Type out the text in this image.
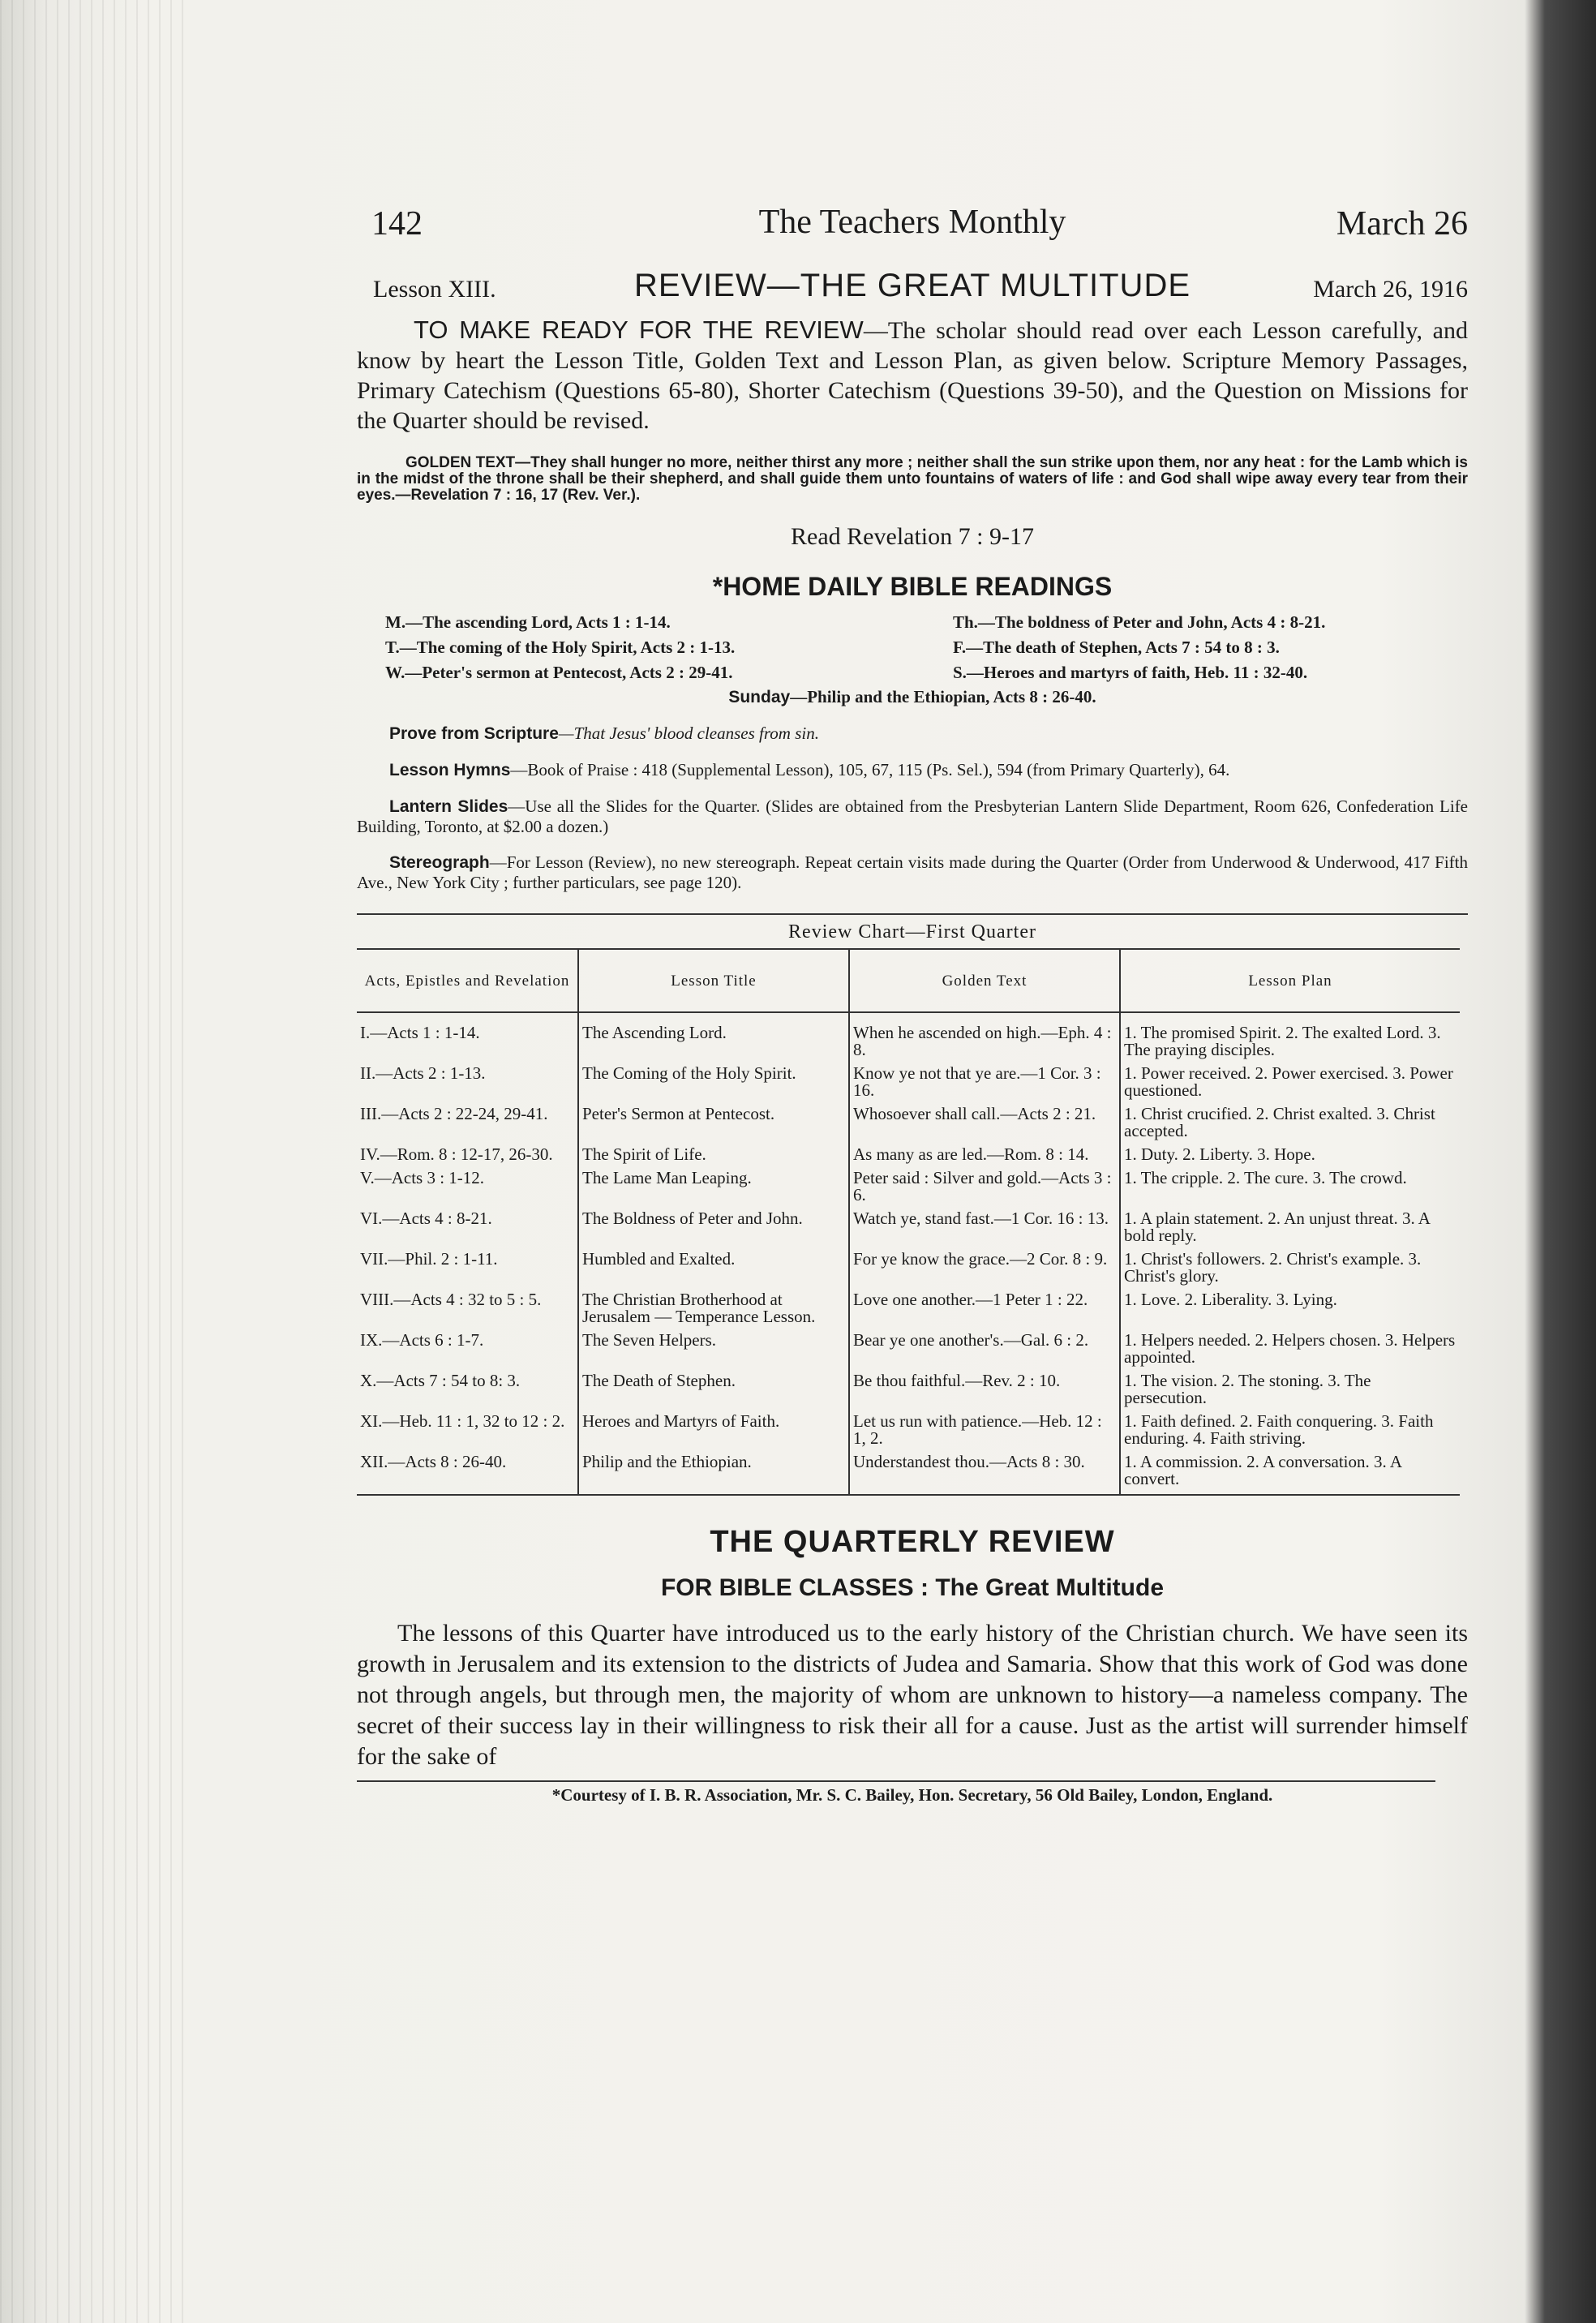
142	The Teachers Monthly	March 26
Lesson XIII.	REVIEW—THE GREAT MULTITUDE	March 26, 1916
TO MAKE READY FOR THE REVIEW—The scholar should read over each Lesson carefully, and know by heart the Lesson Title, Golden Text and Lesson Plan, as given below. Scripture Memory Passages, Primary Catechism (Questions 65-80), Shorter Catechism (Questions 39-50), and the Question on Missions for the Quarter should be revised.
GOLDEN TEXT—They shall hunger no more, neither thirst any more ; neither shall the sun strike upon them, nor any heat : for the Lamb which is in the midst of the throne shall be their shepherd, and shall guide them unto fountains of waters of life : and God shall wipe away every tear from their eyes.—Revelation 7 : 16, 17 (Rev. Ver.).
Read Revelation 7 : 9-17
*HOME DAILY BIBLE READINGS
M.—The ascending Lord, Acts 1 : 1-14.	Th.—The boldness of Peter and John, Acts 4 : 8-21.
T.—The coming of the Holy Spirit, Acts 2 : 1-13.	F.—The death of Stephen, Acts 7 : 54 to 8 : 3.
W.—Peter's sermon at Pentecost, Acts 2 : 29-41.	S.—Heroes and martyrs of faith, Heb. 11 : 32-40.
Sunday—Philip and the Ethiopian, Acts 8 : 26-40.
Prove from Scripture—That Jesus' blood cleanses from sin.
Lesson Hymns—Book of Praise : 418 (Supplemental Lesson), 105, 67, 115 (Ps. Sel.), 594 (from Primary Quarterly), 64.
Lantern Slides—Use all the Slides for the Quarter. (Slides are obtained from the Presbyterian Lantern Slide Department, Room 626, Confederation Life Building, Toronto, at $2.00 a dozen.)
Stereograph—For Lesson (Review), no new stereograph. Repeat certain visits made during the Quarter (Order from Underwood & Underwood, 417 Fifth Ave., New York City ; further particulars, see page 120).
Review Chart—First Quarter
Acts, Epistles and Revelation	Lesson Title	Golden Text	Lesson Plan
I.—Acts 1 : 1-14.	The Ascending Lord.	When he ascended on high.—Eph. 4 : 8.	1. The promised Spirit. 2. The exalted Lord. 3. The praying disciples.
II.—Acts 2 : 1-13.	The Coming of the Holy Spirit.	Know ye not that ye are.—1 Cor. 3 : 16.	1. Power received. 2. Power exercised. 3. Power questioned.
III.—Acts 2 : 22-24, 29-41.	Peter's Sermon at Pentecost.	Whosoever shall call.—Acts 2 : 21.	1. Christ crucified. 2. Christ exalted. 3. Christ accepted.
IV.—Rom. 8 : 12-17, 26-30.	The Spirit of Life.	As many as are led.—Rom. 8 : 14.	1. Duty. 2. Liberty. 3. Hope.
V.—Acts 3 : 1-12.	The Lame Man Leaping.	Peter said : Silver and gold.—Acts 3 : 6.	1. The cripple. 2. The cure. 3. The crowd.
VI.—Acts 4 : 8-21.	The Boldness of Peter and John.	Watch ye, stand fast.—1 Cor. 16 : 13.	1. A plain statement. 2. An unjust threat. 3. A bold reply.
VII.—Phil. 2 : 1-11.	Humbled and Exalted.	For ye know the grace.—2 Cor. 8 : 9.	1. Christ's followers. 2. Christ's example. 3. Christ's glory.
VIII.—Acts 4 : 32 to 5 : 5.	The Christian Brotherhood at Jerusalem — Temperance Lesson.	Love one another.—1 Peter 1 : 22.	1. Love. 2. Liberality. 3. Lying.
IX.—Acts 6 : 1-7.	The Seven Helpers.	Bear ye one another's.—Gal. 6 : 2.	1. Helpers needed. 2. Helpers chosen. 3. Helpers appointed.
X.—Acts 7 : 54 to 8: 3.	The Death of Stephen.	Be thou faithful.—Rev. 2 : 10.	1. The vision. 2. The stoning. 3. The persecution.
XI.—Heb. 11 : 1, 32 to 12 : 2.	Heroes and Martyrs of Faith.	Let us run with patience.—Heb. 12 : 1, 2.	1. Faith defined. 2. Faith conquering. 3. Faith enduring. 4. Faith striving.
XII.—Acts 8 : 26-40.	Philip and the Ethiopian.	Understandest thou.—Acts 8 : 30.	1. A commission. 2. A conversation. 3. A convert.
THE QUARTERLY REVIEW
FOR BIBLE CLASSES : The Great Multitude
The lessons of this Quarter have introduced us to the early history of the Christian church. We have seen its growth in Jerusalem and its extension to the districts of Judea and Samaria. Show that this work of God was done not through angels, but through men, the majority of whom are unknown to history—a nameless company. The secret of their success lay in their willingness to risk their all for a cause. Just as the artist will surrender himself for the sake of
*Courtesy of I. B. R. Association, Mr. S. C. Bailey, Hon. Secretary, 56 Old Bailey, London, England.
